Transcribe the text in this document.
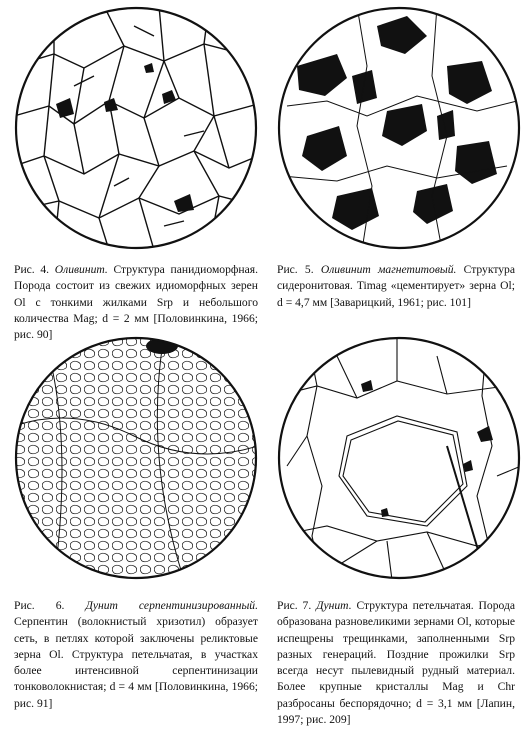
Рис. 4. Оливинит. Структура панидиоморфная. Порода состоит из свежих идиоморфных зерен Ol с тонкими жилками Srp и небольшого количества Mag; d = 2 мм [Половинкина, 1966; рис. 90]
Рис. 5. Оливинит магнетитовый. Структура сидеронитовая. Timag «цементирует» зерна Ol; d = 4,7 мм [Заварицкий, 1961; рис. 101]
Рис. 6. Дунит серпентинизированный. Серпентин (волокнистый хризотил) образует сеть, в петлях которой заключены реликтовые зерна Ol. Структура петельчатая, в участках более интенсивной серпентинизации тонковолокнистая; d = 4 мм [Половинкина, 1966; рис. 91]
Рис. 7. Дунит. Структура петельчатая. Порода образована разновеликими зернами Ol, которые испещрены трещинками, заполненными Srp разных генераций. Поздние прожилки Srp всегда несут пылевидный рудный материал. Более крупные кристаллы Mag и Chr разбросаны беспорядочно; d = 3,1 мм [Лапин, 1997; рис. 209]
